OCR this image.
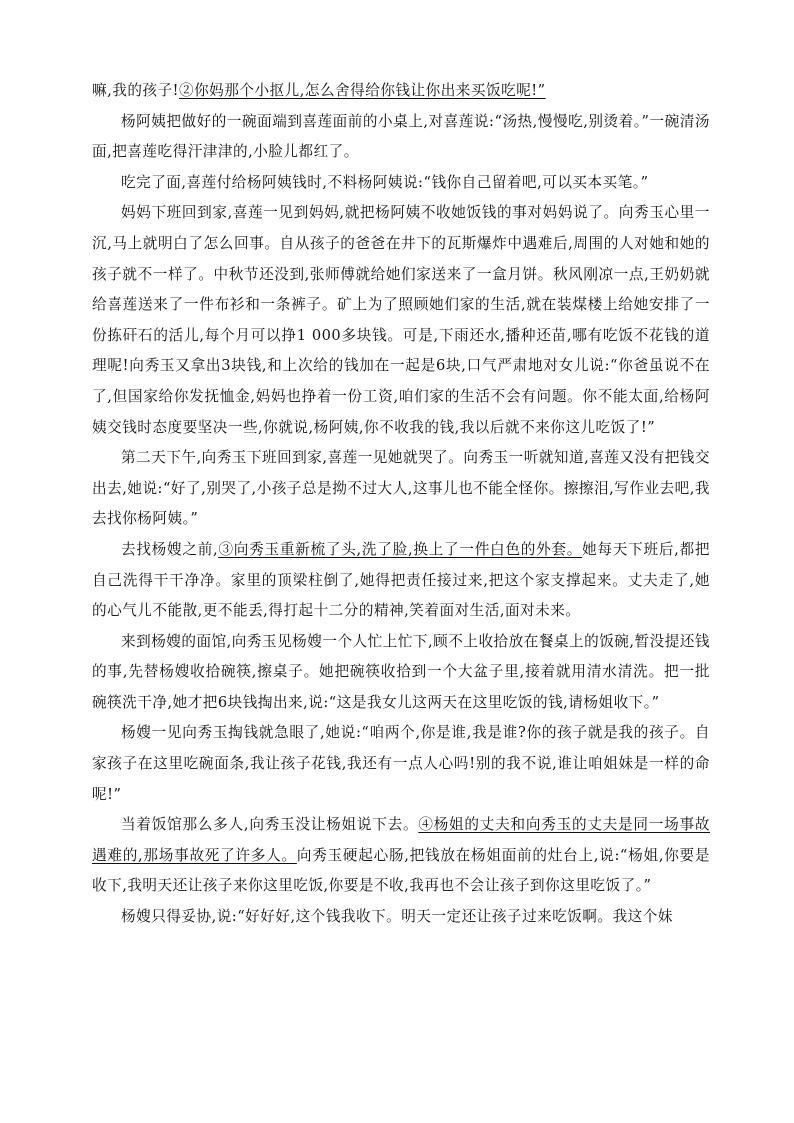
嘛,我的孩子!②你妈那个小抠儿,怎么舍得给你钱让你出来买饭吃呢!”

杨阿姨把做好的一碗面端到喜莲面前的小桌上,对喜莲说:“汤热,慢慢吃,别烫着。”一碗清汤面,把喜莲吃得汗津津的,小脸儿都红了。

吃完了面,喜莲付给杨阿姨钱时,不料杨阿姨说:“钱你自己留着吧,可以买本买笔。”

妈妈下班回到家,喜莲一见到妈妈,就把杨阿姨不收她饭钱的事对妈妈说了。向秀玉心里一沉,马上就明白了怎么回事。自从孩子的爸爸在井下的瓦斯爆炸中遇难后,周围的人对她和她的孩子就不一样了。中秋节还没到,张师傅就给她们家送来了一盒月饼。秋风刚凉一点,王奶奶就给喜莲送来了一件布衫和一条裤子。矿上为了照顾她们家的生活,就在装煤楼上给她安排了一份拣矸石的活儿,每个月可以挣1 000多块钱。可是,下雨还水,播种还苗,哪有吃饭不花钱的道理呢!向秀玉又拿出3块钱,和上次给的钱加在一起是6块,口气严肃地对女儿说:“你爸虽说不在了,但国家给你发抚恤金,妈妈也挣着一份工资,咱们家的生活不会有问题。你不能太面,给杨阿姨交钱时态度要坚决一些,你就说,杨阿姨,你不收我的钱,我以后就不来你这儿吃饭了!”

第二天下午,向秀玉下班回到家,喜莲一见她就哭了。向秀玉一听就知道,喜莲又没有把钱交出去,她说:“好了,别哭了,小孩子总是拗不过大人,这事儿也不能全怪你。擦擦泪,写作业去吧,我去找你杨阿姨。”

去找杨嫂之前,③向秀玉重新梳了头,洗了脸,换上了一件白色的外套。她每天下班后,都把自己洗得干干净净。家里的顶梁柱倒了,她得把责任接过来,把这个家支撑起来。丈夫走了,她的心气儿不能散,更不能丢,得打起十二分的精神,笑着面对生活,面对未来。

来到杨嫂的面馆,向秀玉见杨嫂一个人忙上忙下,顾不上收拾放在餐桌上的饭碗,暂没提还钱的事,先替杨嫂收拾碗筷,擦桌子。她把碗筷收拾到一个大盆子里,接着就用清水清洗。把一批碗筷洗干净,她才把6块钱掏出来,说:“这是我女儿这两天在这里吃饭的钱,请杨姐收下。”

杨嫂一见向秀玉掏钱就急眼了,她说:“咱两个,你是谁,我是谁?你的孩子就是我的孩子。自家孩子在这里吃碗面条,我让孩子花钱,我还有一点人心吗!别的我不说,谁让咱姐妹是一样的命呢!”

当着饭馆那么多人,向秀玉没让杨姐说下去。④杨姐的丈夫和向秀玉的丈夫是同一场事故遇难的,那场事故死了许多人。向秀玉硬起心肠,把钱放在杨姐面前的灶台上,说:“杨姐,你要是收下,我明天还让孩子来你这里吃饭,你要是不收,我再也不会让孩子到你这里吃饭了。”

杨嫂只得妥协,说:“好好好,这个钱我收下。明天一定还让孩子过来吃饭啊。我这个妹
